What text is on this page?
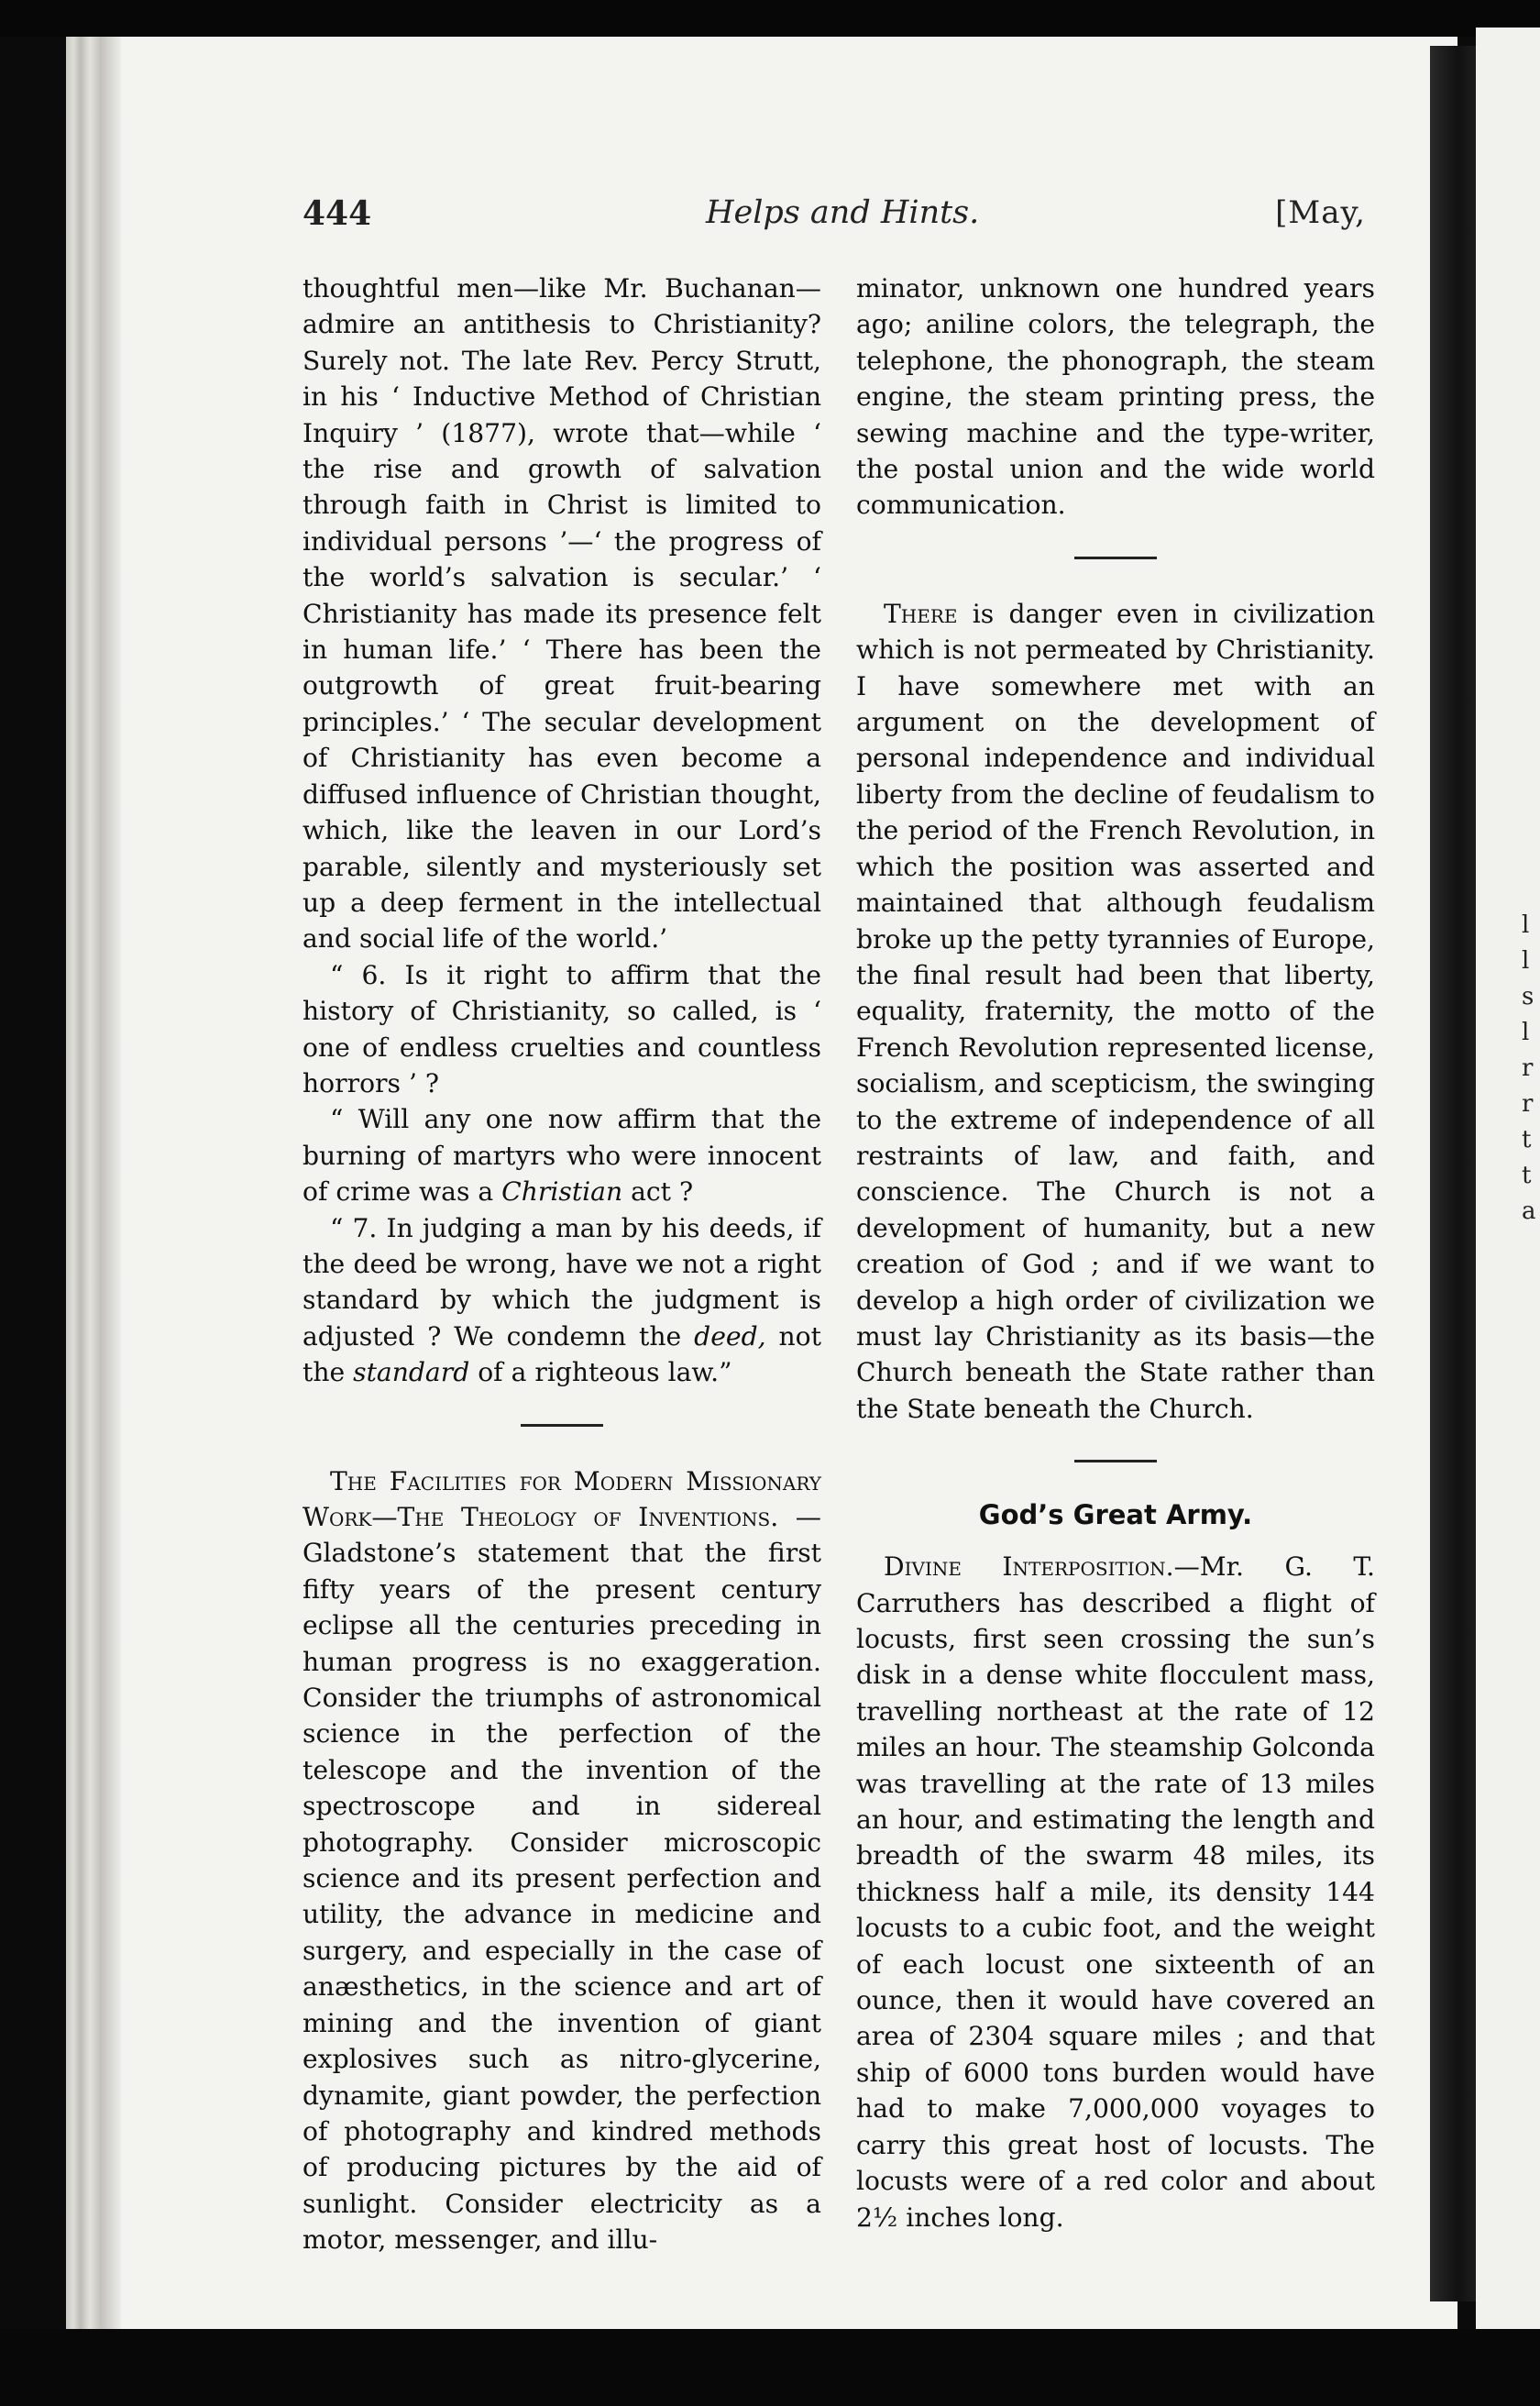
l
l
s
l
r
r
t
t
a
444	Helps and Hints.	[May,

thoughtful men—like Mr. Buchanan—admire an antithesis to Christianity? Surely not. The late Rev. Percy Strutt, in his ‘ Inductive Method of Christian Inquiry ’ (1877), wrote that—while ‘ the rise and growth of salvation through faith in Christ is limited to individual persons ’—‘ the progress of the world’s salvation is secular.’ ‘ Christianity has made its presence felt in human life.’ ‘ There has been the outgrowth of great fruit-bearing principles.’ ‘ The secular development of Christianity has even become a diffused influence of Christian thought, which, like the leaven in our Lord’s parable, silently and mysteriously set up a deep ferment in the intellectual and social life of the world.’

“ 6. Is it right to affirm that the history of Christianity, so called, is ‘ one of endless cruelties and countless horrors ’ ?

“ Will any one now affirm that the burning of martyrs who were innocent of crime was a Christian act ?

“ 7. In judging a man by his deeds, if the deed be wrong, have we not a right standard by which the judgment is adjusted ? We condemn the deed, not the standard of a righteous law.”

The Facilities for Modern Missionary Work—The Theology of Inventions. — Gladstone’s statement that the first fifty years of the present century eclipse all the centuries preceding in human progress is no exaggeration. Consider the triumphs of astronomical science in the perfection of the telescope and the invention of the spectroscope and in sidereal photography. Consider microscopic science and its present perfection and utility, the advance in medicine and surgery, and especially in the case of anæsthetics, in the science and art of mining and the invention of giant explosives such as nitro-glycerine, dynamite, giant powder, the perfection of photography and kindred methods of producing pictures by the aid of sunlight. Consider electricity as a motor, messenger, and illu-

minator, unknown one hundred years ago; aniline colors, the telegraph, the telephone, the phonograph, the steam engine, the steam printing press, the sewing machine and the type-writer, the postal union and the wide world communication.

There is danger even in civilization which is not permeated by Christianity. I have somewhere met with an argument on the development of personal independence and individual liberty from the decline of feudalism to the period of the French Revolution, in which the position was asserted and maintained that although feudalism broke up the petty tyrannies of Europe, the final result had been that liberty, equality, fraternity, the motto of the French Revolution represented license, socialism, and scepticism, the swinging to the extreme of independence of all restraints of law, and faith, and conscience. The Church is not a development of humanity, but a new creation of God ; and if we want to develop a high order of civilization we must lay Christianity as its basis—the Church beneath the State rather than the State beneath the Church.

God’s Great Army.

Divine Interposition.—Mr. G. T. Carruthers has described a flight of locusts, first seen crossing the sun’s disk in a dense white flocculent mass, travelling northeast at the rate of 12 miles an hour. The steamship Golconda was travelling at the rate of 13 miles an hour, and estimating the length and breadth of the swarm 48 miles, its thickness half a mile, its density 144 locusts to a cubic foot, and the weight of each locust one sixteenth of an ounce, then it would have covered an area of 2304 square miles ; and that ship of 6000 tons burden would have had to make 7,000,000 voyages to carry this great host of locusts. The locusts were of a red color and about 2½ inches long.
